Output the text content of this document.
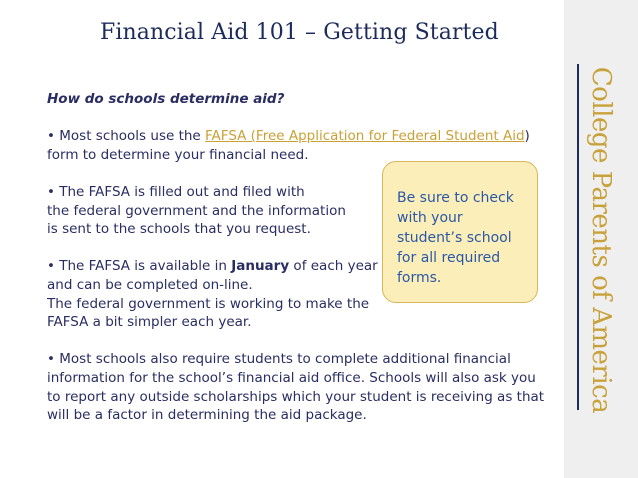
Financial Aid 101 – Getting Started

How do schools determine aid?

• Most schools use the FAFSA (Free Application for Federal Student Aid) form to determine your financial need.

• The FAFSA is filled out and filed with
the federal government and the information
is sent to the schools that you request.

• The FAFSA is available in January of each year
and can be completed on-line.
The federal government is working to make the
FAFSA a bit simpler each year.

• Most schools also require students to complete additional financial information for the school’s financial aid office. Schools will also ask you to report any outside scholarships which your student is receiving as that will be a factor in determining the aid package.

Be sure to check with your student’s school for all required forms.	College Parents of America
